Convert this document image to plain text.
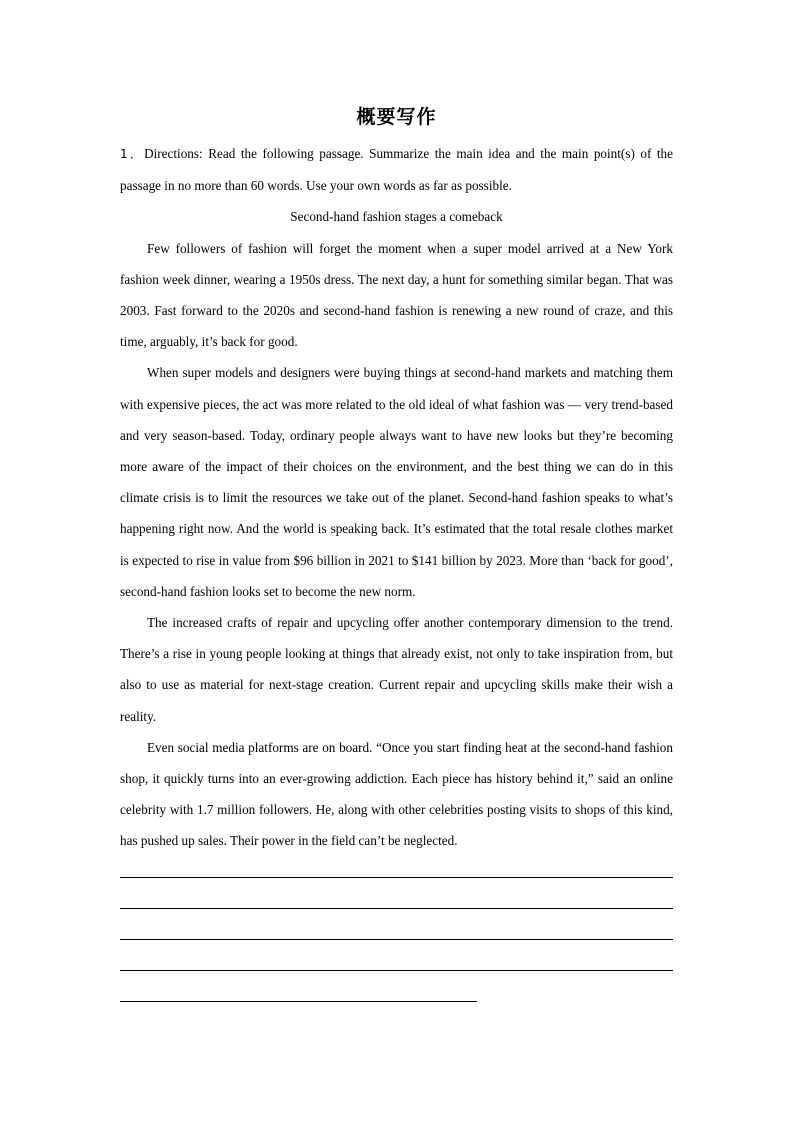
概要写作

1．Directions: Read the following passage. Summarize the main idea and the main point(s) of the passage in no more than 60 words. Use your own words as far as possible.

Second-hand fashion stages a comeback

Few followers of fashion will forget the moment when a super model arrived at a New York fashion week dinner, wearing a 1950s dress. The next day, a hunt for something similar began. That was 2003. Fast forward to the 2020s and second-hand fashion is renewing a new round of craze, and this time, arguably, it’s back for good.

When super models and designers were buying things at second-hand markets and matching them with expensive pieces, the act was more related to the old ideal of what fashion was — very trend-based and very season-based. Today, ordinary people always want to have new looks but they’re becoming more aware of the impact of their choices on the environment, and the best thing we can do in this climate crisis is to limit the resources we take out of the planet. Second-hand fashion speaks to what’s happening right now. And the world is speaking back. It’s estimated that the total resale clothes market is expected to rise in value from $96 billion in 2021 to $141 billion by 2023. More than ‘back for good’, second-hand fashion looks set to become the new norm.

The increased crafts of repair and upcycling offer another contemporary dimension to the trend. There’s a rise in young people looking at things that already exist, not only to take inspiration from, but also to use as material for next-stage creation. Current repair and upcycling skills make their wish a reality.

Even social media platforms are on board. “Once you start finding heat at the second-hand fashion shop, it quickly turns into an ever-growing addiction. Each piece has history behind it,” said an online celebrity with 1.7 million followers. He, along with other celebrities posting visits to shops of this kind, has pushed up sales. Their power in the field can’t be neglected.
